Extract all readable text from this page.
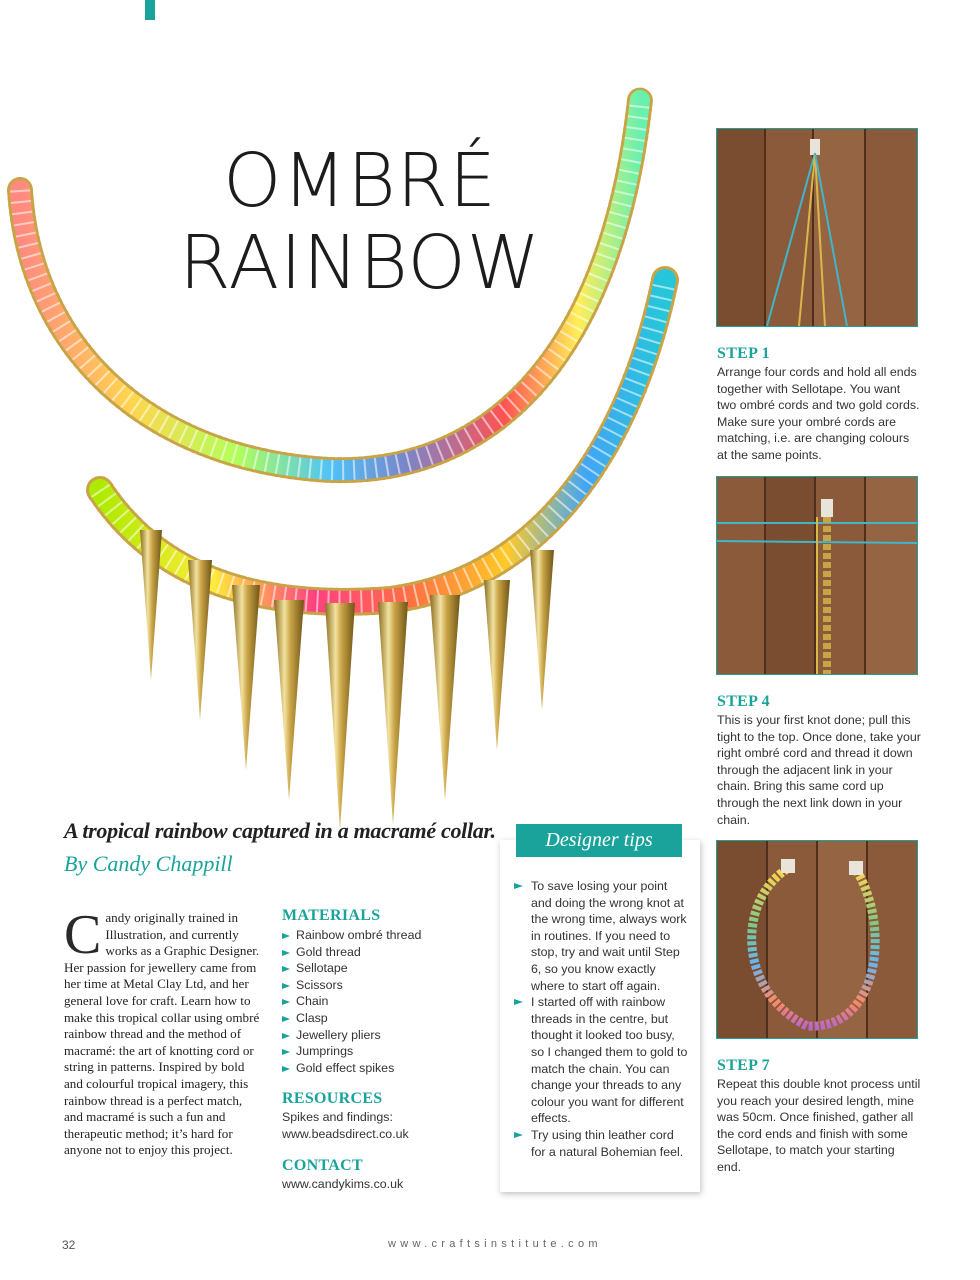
OMBRÉ
RAINBOW
STEP 1
Arrange four cords and hold all ends together with Sellotape. You want two ombré cords and two gold cords. Make sure your ombré cords are matching, i.e. are changing colours at the same points.
STEP 4
This is your first knot done; pull this tight to the top. Once done, take your right ombré cord and thread it down through the adjacent link in your chain. Bring this same cord up through the next link down in your chain.
STEP 7
Repeat this double knot process until you reach your desired length, mine was 50cm. Once finished, gather all the cord ends and finish with some Sellotape, to match your starting end.
A tropical rainbow captured in a macramé collar.
By Candy Chappill
Candy originally trained in Illustration, and currently works as a Graphic Designer. Her passion for jewellery came from her time at Metal Clay Ltd, and her general love for craft. Learn how to make this tropical collar using ombré rainbow thread and the method of macramé: the art of knotting cord or string in patterns. Inspired by bold and colourful tropical imagery, this rainbow thread is a perfect match, and macramé is such a fun and therapeutic method; it’s hard for anyone not to enjoy this project.
MATERIALS
Rainbow ombré thread
Gold thread
Sellotape
Scissors
Chain
Clasp
Jewellery pliers
Jumprings
Gold effect spikes
RESOURCES
Spikes and findings:
www.beadsdirect.co.uk
CONTACT
www.candykims.co.uk
Designer tips
To save losing your point and doing the wrong knot at the wrong time, always work in routines. If you need to stop, try and wait until Step 6, so you know exactly where to start off again.
I started off with rainbow threads in the centre, but thought it looked too busy, so I changed them to gold to match the chain. You can change your threads to any colour you want for different effects.
Try using thin leather cord for a natural Bohemian feel.
32	www.craftsinstitute.com
